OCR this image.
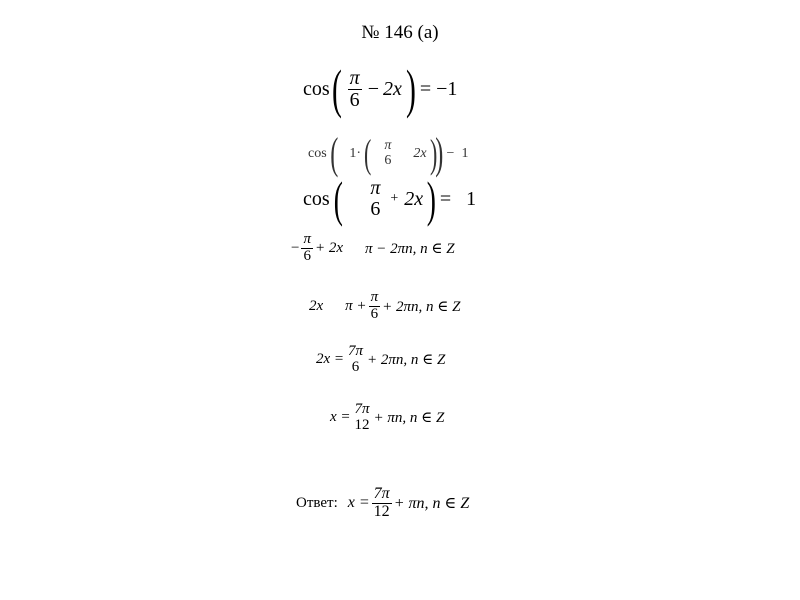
№ 146 (a)
cos ( $\frac{\pi}{6} - 2x$ ) = −1
cos ( 1· ( π
6 2x )
) −  1
cos ( π
6 + 2x ) =   1
− $\frac{\pi}{6} + 2x$ π − 2πn, n ∈ Z
2x $\pi + \frac{\pi}{6} + 2\pi n$, n ∈ Z
2x =
7π
6 + 2πn, n ∈ Z
x =
7π
12 + πn, n ∈ Z
Ответ: $x = \frac{7\pi}{12} + \pi n$, n ∈ Z
